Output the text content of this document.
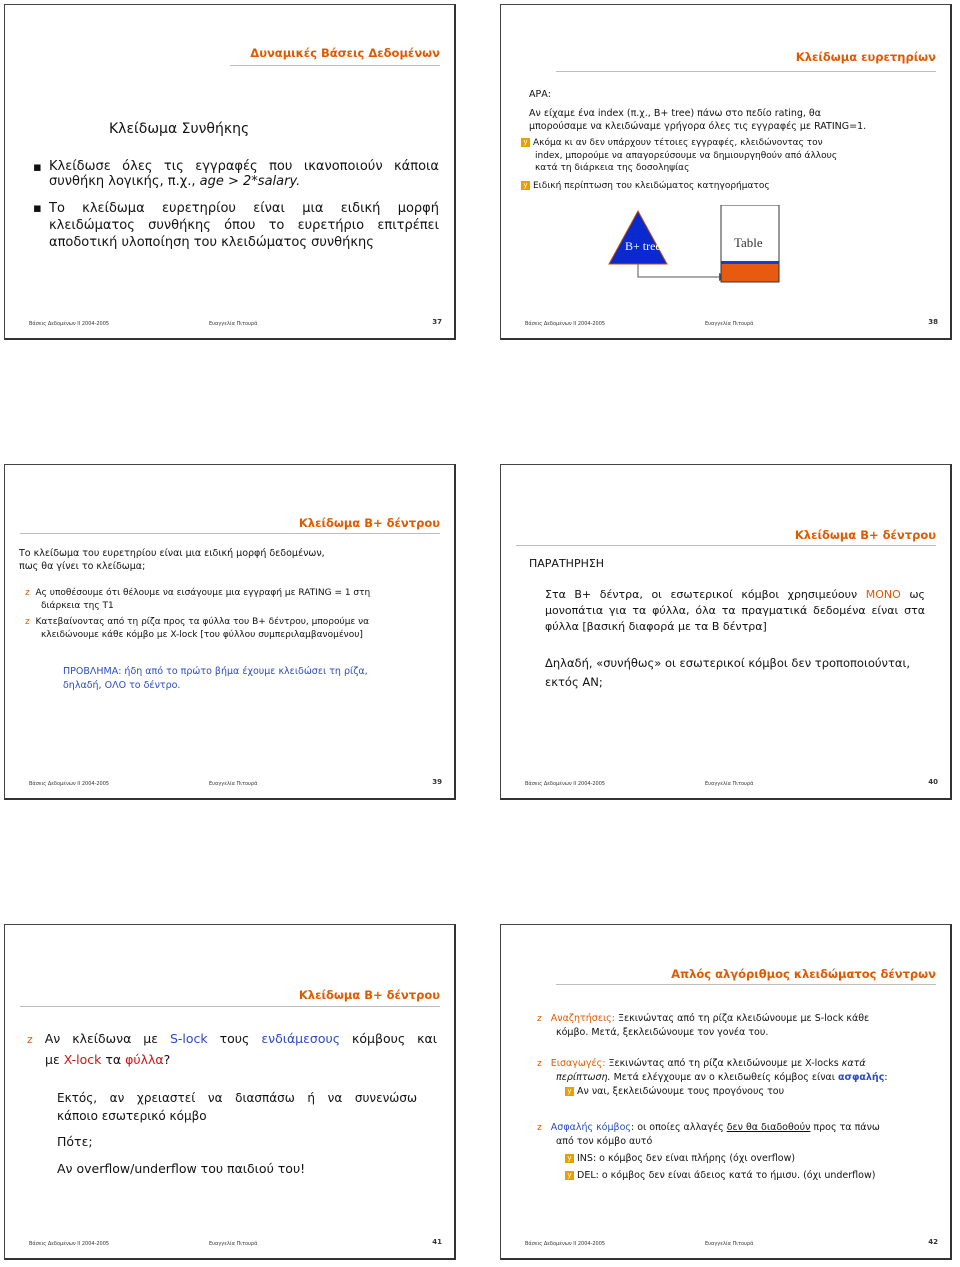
Δυναμικές Βάσεις Δεδομένων
Κλείδωμα Συνθήκης
▪ Κλείδωσε όλες τις εγγραφές που ικανοποιούν κάποια
συνθήκη λογικής, π.χ., age > 2*salary.
▪ Το κλείδωμα ευρετηρίου είναι μια ειδική μορφή
κλειδώματος συνθήκης όπου το ευρετήριο επιτρέπει
αποδοτική υλοποίηση του κλειδώματος συνθήκης
Βάσεις Δεδομένων ΙΙ 2004-2005	Ευαγγελία Πιτουρά	37
Κλείδωμα ευρετηρίων
ΑΡΑ:
Αν είχαμε ένα index (π.χ., B+ tree) πάνω στο πεδίο rating, θα
μπορούσαμε να κλειδώναμε γρήγορα όλες τις εγγραφές με RATING=1.
y Ακόμα κι αν δεν υπάρχουν τέτοιες εγγραφές, κλειδώνοντας τον
index, μπορούμε να απαγορεύσουμε να δημιουργηθούν από άλλους
κατά τη διάρκεια της δοσοληψίας
y Ειδική περίπτωση του κλειδώματος κατηγορήματος
B+ tree	Table
Βάσεις Δεδομένων ΙΙ 2004-2005	Ευαγγελία Πιτουρά	38
Κλείδωμα B+ δέντρου
Το κλείδωμα του ευρετηρίου είναι μια ειδική μορφή δεδομένων,
πως θα γίνει το κλείδωμα;
z Ας υποθέσουμε ότι θέλουμε να εισάγουμε μια εγγραφή με RATING = 1 στη
διάρκεια της T1
z Κατεβαίνοντας από τη ρίζα προς τα φύλλα του B+ δέντρου, μπορούμε να
κλειδώνουμε κάθε κόμβο με X-lock [του φύλλου συμπεριλαμβανομένου]
ΠΡΟΒΛΗΜΑ: ήδη από το πρώτο βήμα έχουμε κλειδώσει τη ρίζα,
δηλαδή, ΟΛΟ το δέντρο.
Βάσεις Δεδομένων ΙΙ 2004-2005	Ευαγγελία Πιτουρά	39
Κλείδωμα B+ δέντρου
ΠΑΡΑΤΗΡΗΣΗ
Στα B+ δέντρα, οι εσωτερικοί κόμβοι χρησιμεύουν ΜΟΝΟ ως
μονοπάτια για τα φύλλα, όλα τα πραγματικά δεδομένα είναι στα
φύλλα [βασική διαφορά με τα B δέντρα]
Δηλαδή, «συνήθως» οι εσωτερικοί κόμβοι δεν τροποποιούνται,
εκτός ΑΝ;
Βάσεις Δεδομένων ΙΙ 2004-2005	Ευαγγελία Πιτουρά	40
Κλείδωμα B+ δέντρου
z Αν κλείδωνα με S-lock τους ενδιάμεσους κόμβους και
με X-lock τα φύλλα?
Εκτός, αν χρειαστεί να διασπάσω ή να συνενώσω
κάποιο εσωτερικό κόμβο
Πότε;
Αν overflow/underflow του παιδιού του!
Βάσεις Δεδομένων ΙΙ 2004-2005	Ευαγγελία Πιτουρά	41
Απλός αλγόριθμος κλειδώματος δέντρων
z Αναζητήσεις: Ξεκινώντας από τη ρίζα κλειδώνουμε με S-lock κάθε
κόμβο. Μετά, ξεκλειδώνουμε τον γονέα του.
z Εισαγωγές: Ξεκινώντας από τη ρίζα κλειδώνουμε με X-locks κατά
περίπτωση. Μετά ελέγχουμε αν ο κλειδωθείς κόμβος είναι ασφαλής:
y Αν ναι, ξεκλειδώνουμε τους προγόνους του
z Ασφαλής κόμβος: οι οποίες αλλαγές δεν θα διαδοθούν προς τα πάνω
από τον κόμβο αυτό
y INS: ο κόμβος δεν είναι πλήρης (όχι overflow)
y DEL: ο κόμβος δεν είναι άδειος κατά το ήμισυ. (όχι underflow)
Βάσεις Δεδομένων ΙΙ 2004-2005	Ευαγγελία Πιτουρά	42
